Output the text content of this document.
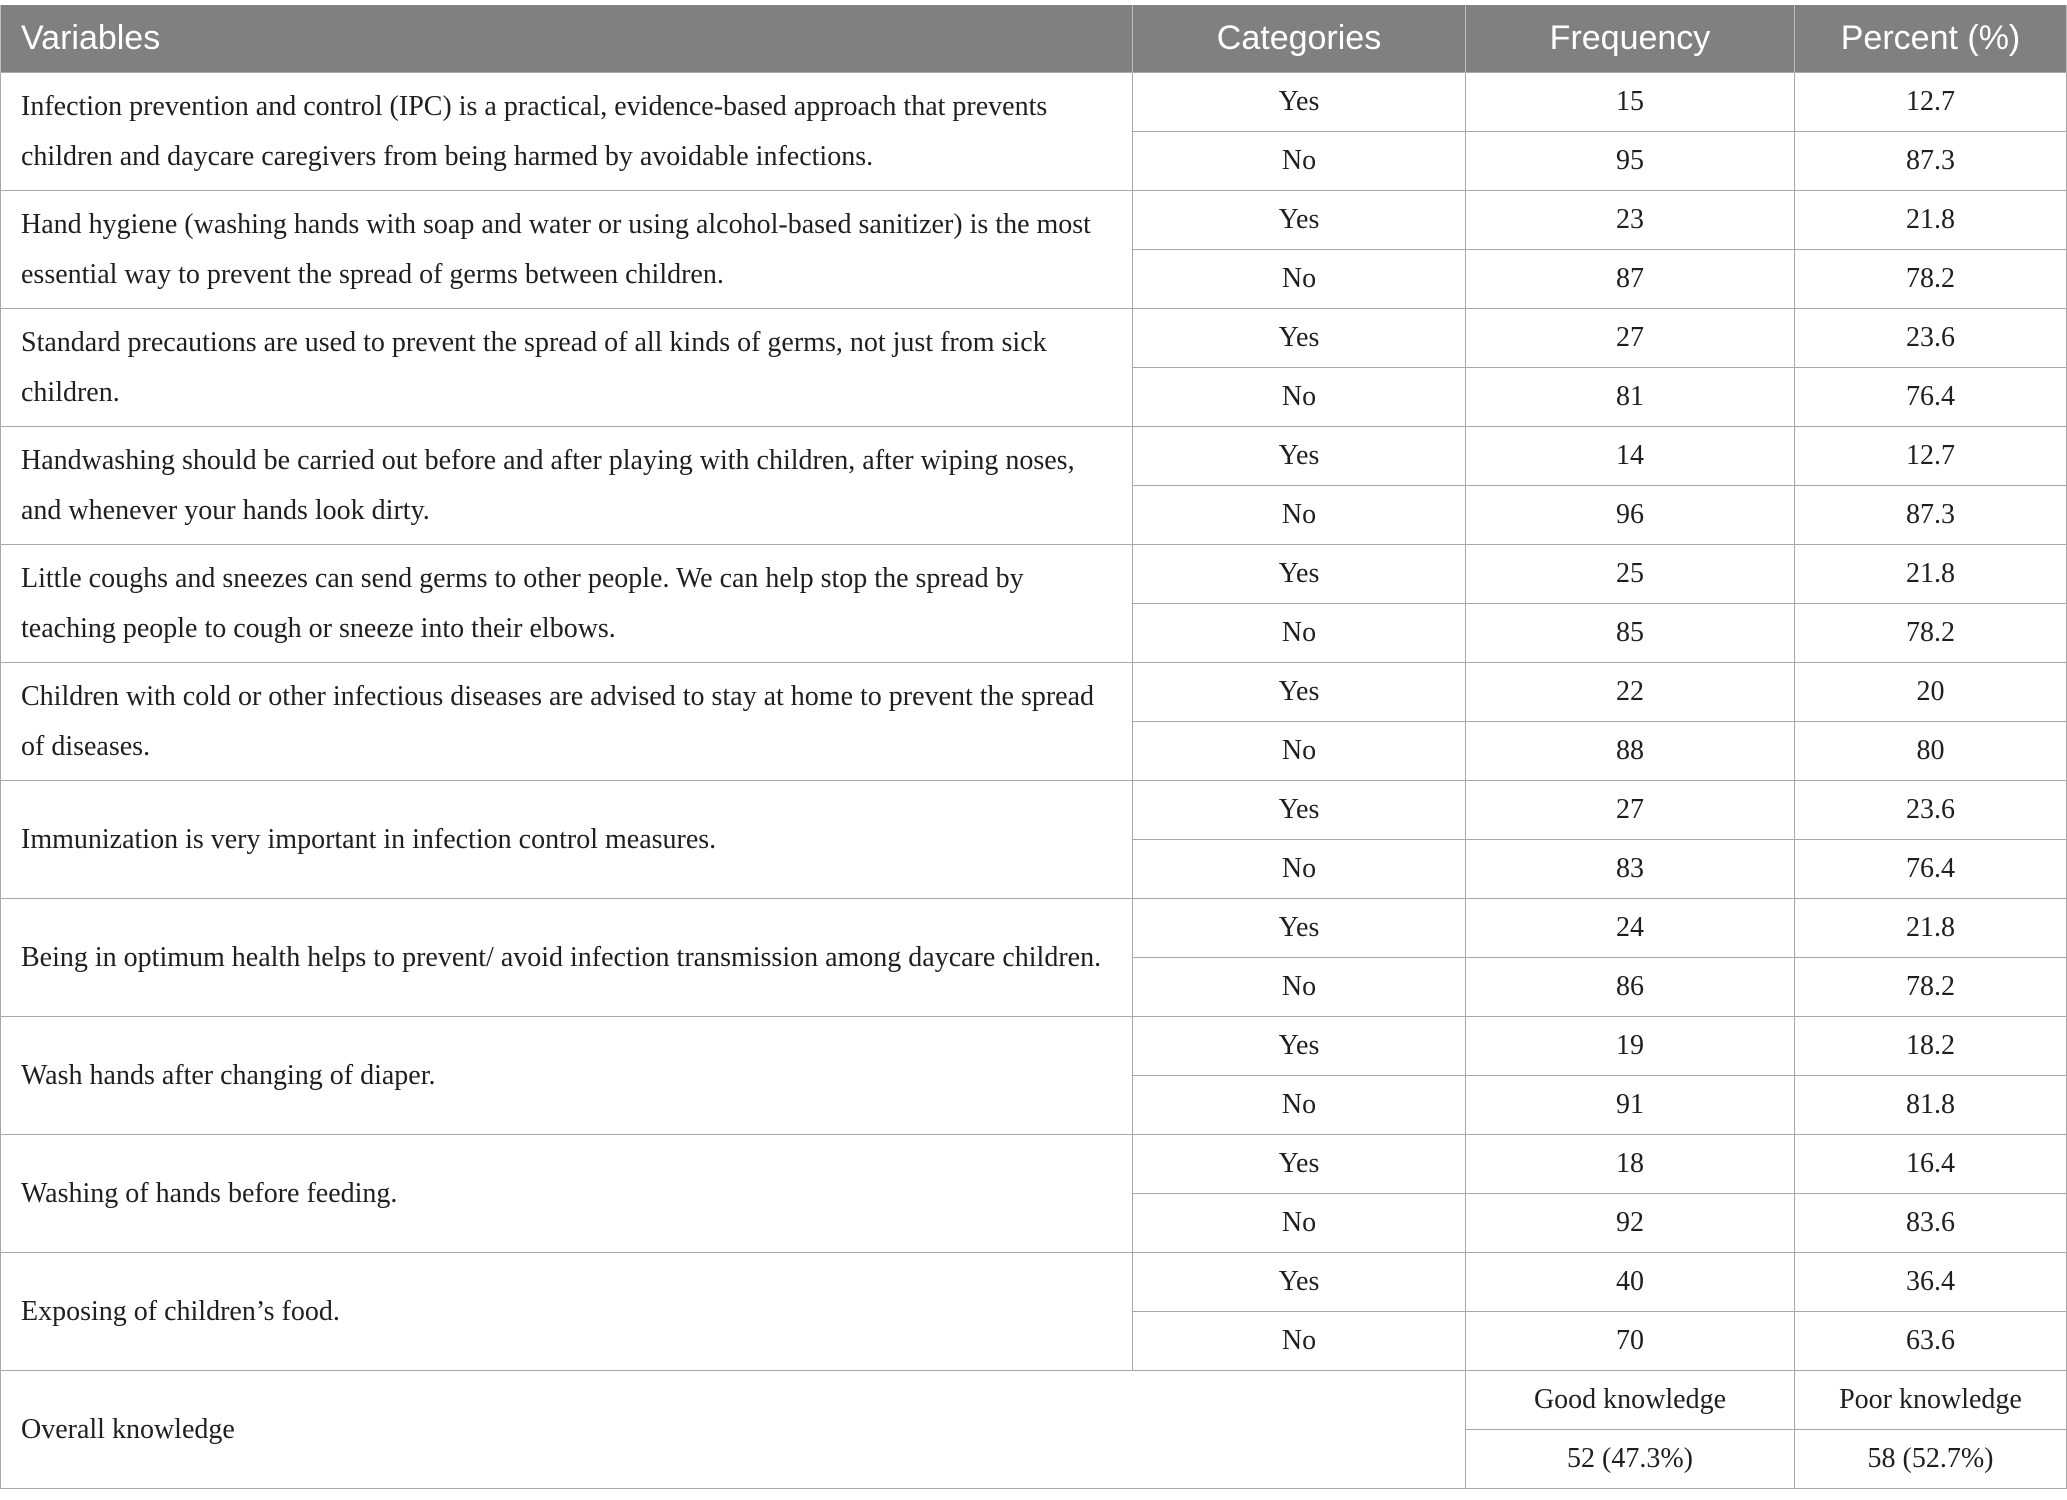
Variables	Categories	Frequency	Percent (%)
Infection prevention and control (IPC) is a practical, evidence-based approach that prevents children and daycare caregivers from being harmed by avoidable infections.	Yes	15	12.7
	No	95	87.3
Hand hygiene (washing hands with soap and water or using alcohol-based sanitizer) is the most essential way to prevent the spread of germs between children.	Yes	23	21.8
	No	87	78.2
Standard precautions are used to prevent the spread of all kinds of germs, not just from sick children.	Yes	27	23.6
	No	81	76.4
Handwashing should be carried out before and after playing with children, after wiping noses, and whenever your hands look dirty.	Yes	14	12.7
	No	96	87.3
Little coughs and sneezes can send germs to other people. We can help stop the spread by teaching people to cough or sneeze into their elbows.	Yes	25	21.8
	No	85	78.2
Children with cold or other infectious diseases are advised to stay at home to prevent the spread of diseases.	Yes	22	20
	No	88	80
Immunization is very important in infection control measures.	Yes	27	23.6
	No	83	76.4
Being in optimum health helps to prevent/ avoid infection transmission among daycare children.	Yes	24	21.8
	No	86	78.2
Wash hands after changing of diaper.	Yes	19	18.2
	No	91	81.8
Washing of hands before feeding.	Yes	18	16.4
	No	92	83.6
Exposing of children’s food.	Yes	40	36.4
	No	70	63.6
Overall knowledge		Good knowledge	Poor knowledge
		52 (47.3%)	58 (52.7%)
